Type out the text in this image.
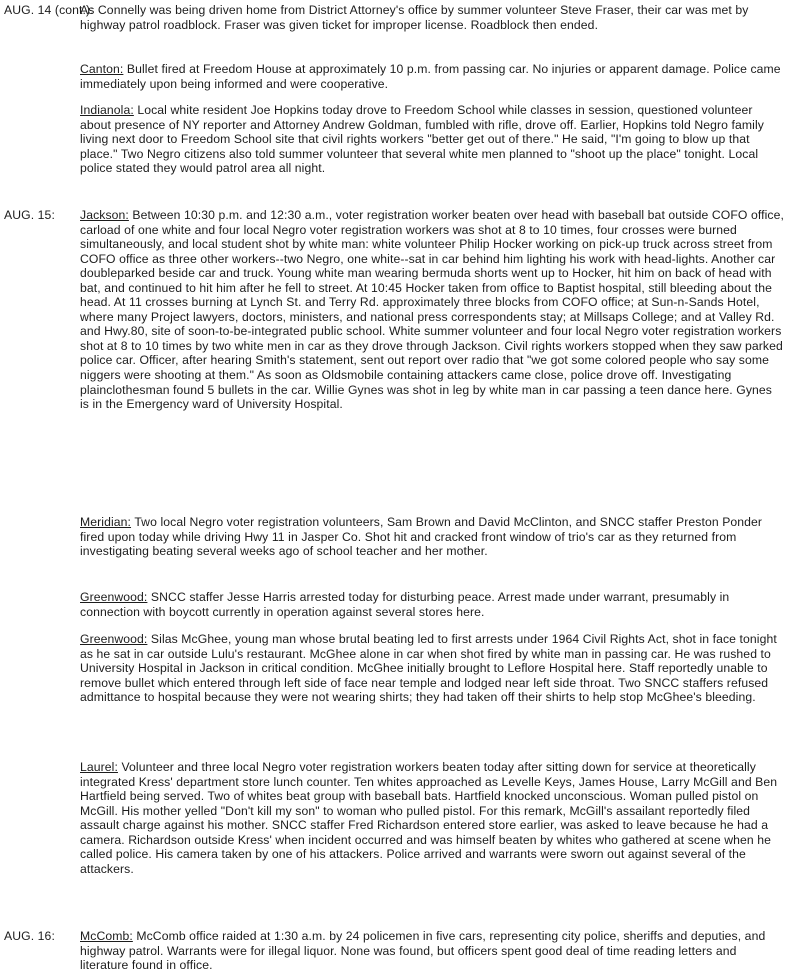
AUG. 14 (cont.):

As Connelly was being driven home from District Attorney's office by summer volunteer Steve Fraser, their car was met by highway patrol roadblock. Fraser was given ticket for improper license. Roadblock then ended.

Canton: Bullet fired at Freedom House at approximately 10 p.m. from passing car. No injuries or apparent damage. Police came immediately upon being informed and were cooperative.

Indianola: Local white resident Joe Hopkins today drove to Freedom School while classes in session, questioned volunteer about presence of NY reporter and Attorney Andrew Goldman, fumbled with rifle, drove off. Earlier, Hopkins told Negro family living next door to Freedom School site that civil rights workers "better get out of there." He said, "I'm going to blow up that place." Two Negro citizens also told summer volunteer that several white men planned to "shoot up the place" tonight. Local police stated they would patrol area all night.

AUG. 15: Jackson: Between 10:30 p.m. and 12:30 a.m., voter registration worker beaten over head with baseball bat outside COFO office, carload of one white and four local Negro voter registration workers was shot at 8 to 10 times, four crosses were burned simultaneously, and local student shot by white man: white volunteer Philip Hocker working on pick-up truck across street from COFO office as three other workers--two Negro, one white--sat in car behind him lighting his work with head-lights. Another car doubleparked beside car and truck. Young white man wearing bermuda shorts went up to Hocker, hit him on back of head with bat, and continued to hit him after he fell to street. At 10:45 Hocker taken from office to Baptist hospital, still bleeding about the head. At 11 crosses burning at Lynch St. and Terry Rd. approximately three blocks from COFO office; at Sun-n-Sands Hotel, where many Project lawyers, doctors, ministers, and national press correspondents stay; at Millsaps College; and at Valley Rd. and Hwy.80, site of soon-to-be-integrated public school. White summer volunteer and four local Negro voter registration workers shot at 8 to 10 times by two white men in car as they drove through Jackson. Civil rights workers stopped when they saw parked police car. Officer, after hearing Smith's statement, sent out report over radio that "we got some colored people who say some niggers were shooting at them." As soon as Oldsmobile containing attackers came close, police drove off. Investigating plainclothesman found 5 bullets in the car. Willie Gynes was shot in leg by white man in car passing a teen dance here. Gynes is in the Emergency ward of University Hospital.

Meridian: Two local Negro voter registration volunteers, Sam Brown and David McClinton, and SNCC staffer Preston Ponder fired upon today while driving Hwy 11 in Jasper Co. Shot hit and cracked front window of trio's car as they returned from investigating beating several weeks ago of school teacher and her mother.

Greenwood: SNCC staffer Jesse Harris arrested today for disturbing peace. Arrest made under warrant, presumably in connection with boycott currently in operation against several stores here.

Greenwood: Silas McGhee, young man whose brutal beating led to first arrests under 1964 Civil Rights Act, shot in face tonight as he sat in car outside Lulu's restaurant. McGhee alone in car when shot fired by white man in passing car. He was rushed to University Hospital in Jackson in critical condition. McGhee initially brought to Leflore Hospital here. Staff reportedly unable to remove bullet which entered through left side of face near temple and lodged near left side throat. Two SNCC staffers refused admittance to hospital because they were not wearing shirts; they had taken off their shirts to help stop McGhee's bleeding.

Laurel: Volunteer and three local Negro voter registration workers beaten today after sitting down for service at theoretically integrated Kress' department store lunch counter. Ten whites approached as Levelle Keys, James House, Larry McGill and Ben Hartfield being served. Two of whites beat group with baseball bats. Hartfield knocked unconscious. Woman pulled pistol on McGill. His mother yelled "Don't kill my son" to woman who pulled pistol. For this remark, McGill's assailant reportedly filed assault charge against his mother. SNCC staffer Fred Richardson entered store earlier, was asked to leave because he had a camera. Richardson outside Kress' when incident occurred and was himself beaten by whites who gathered at scene when he called police. His camera taken by one of his attackers. Police arrived and warrants were sworn out against several of the attackers.

AUG. 16: McComb: McComb office raided at 1:30 a.m. by 24 policemen in five cars, representing city police, sheriffs and deputies, and highway patrol. Warrants were for illegal liquor. None was found, but officers spent good deal of time reading letters and literature found in office.
